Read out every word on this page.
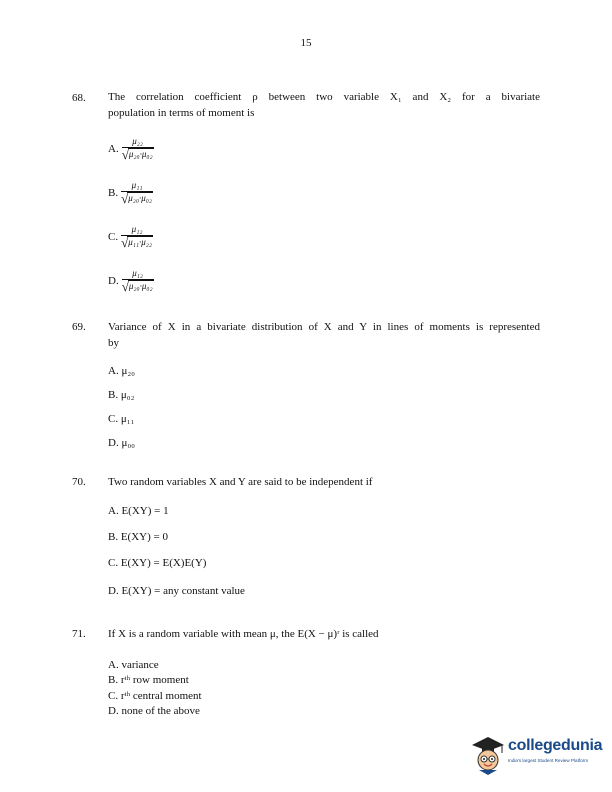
15
68. The correlation coefficient ρ between two variable X₁ and X₂ for a bivariate
population in terms of moment is
A. $\frac{\text{μ₂₂}}{\text{√ μ₂₀·μ₀₂}}$
B. $\frac{\text{μ₁₁}}{\text{√ μ₂₀·μ₀₂}}$
C. $\frac{\text{μ₁₂}}{\text{√ μ₁₁·μ₂₂}}$
D. $\frac{\text{μ₁₂}}{\text{√ μ₂₀·μ₀₂}}$
69. Variance of X in a bivariate distribution of X and Y in lines of moments is represented
by
A. μ₂₀
B. μ₀₂
C. μ₁₁
D. μ₀₀
70. Two random variables X and Y are said to be independent if
A. E(XY) = 1
B. E(XY) = 0
C. E(XY) = E(X)E(Y)
D. E(XY) = any constant value
71. If X is a random variable with mean μ, the E(X − μ)ʳ is called
A. variance
B. rᵗʰ row moment
C. rᵗʰ central moment
D. none of the above
collegedunia
India's largest Student Review Platform
